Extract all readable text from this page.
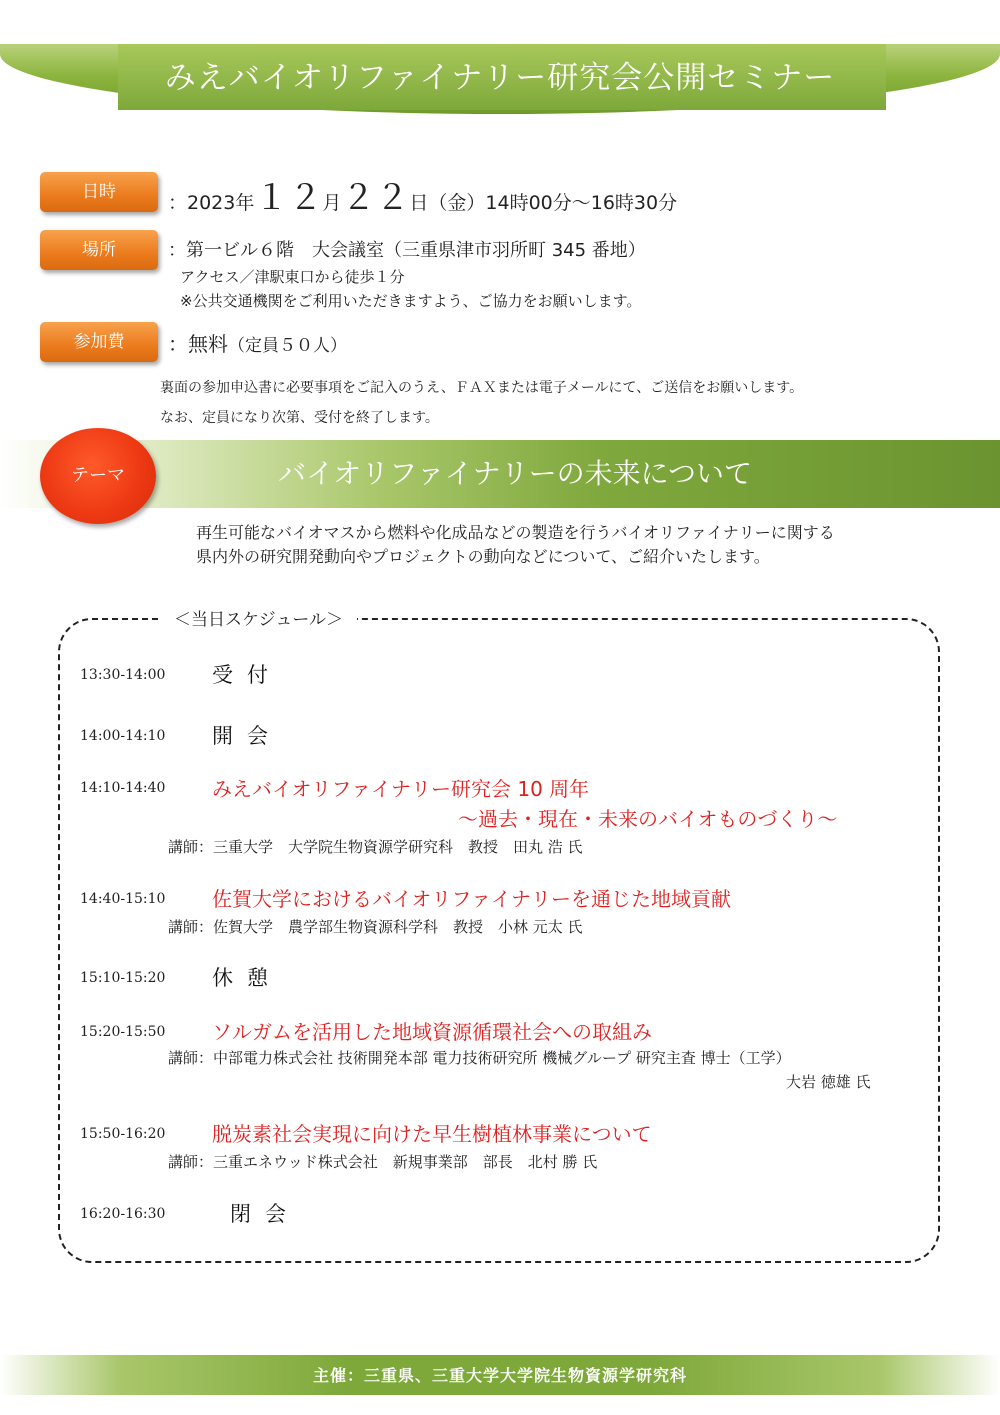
みえバイオリファイナリー研究会公開セミナー
日時	：2023年１２月２２日（金）14時00分〜16時30分
場所	：第一ビル６階　大会議室（三重県津市羽所町 345 番地）
アクセス／津駅東口から徒歩１分
※公共交通機関をご利用いただきますよう、ご協力をお願いします。
参加費	：無料（定員５０人）
裏面の参加申込書に必要事項をご記入のうえ、ＦＡＸまたは電子メールにて、ご送信をお願いします。
なお、定員になり次第、受付を終了します。
バイオリファイナリーの未来について
テーマ
再生可能なバイオマスから燃料や化成品などの製造を行うバイオリファイナリーに関する
県内外の研究開発動向やプロジェクトの動向などについて、ご紹介いたします。
＜当日スケジュール＞
13:30-14:00 受付
14:00-14:10 開会
14:10-14:40 みえバイオリファイナリー研究会 10 周年
〜過去・現在・未来のバイオものづくり〜
講師：三重大学　大学院生物資源学研究科　教授　田丸 浩 氏
14:40-15:10 佐賀大学におけるバイオリファイナリーを通じた地域貢献
講師：佐賀大学　農学部生物資源科学科　教授　小林 元太 氏
15:10-15:20 休憩
15:20-15:50 ソルガムを活用した地域資源循環社会への取組み
講師：中部電力株式会社 技術開発本部 電力技術研究所 機械グループ 研究主査 博士（工学）
大岩 徳雄 氏
15:50-16:20 脱炭素社会実現に向けた早生樹植林事業について
講師：三重エネウッド株式会社　新規事業部　部長　北村 勝 氏
16:20-16:30	閉会
主催：三重県、三重大学大学院生物資源学研究科
